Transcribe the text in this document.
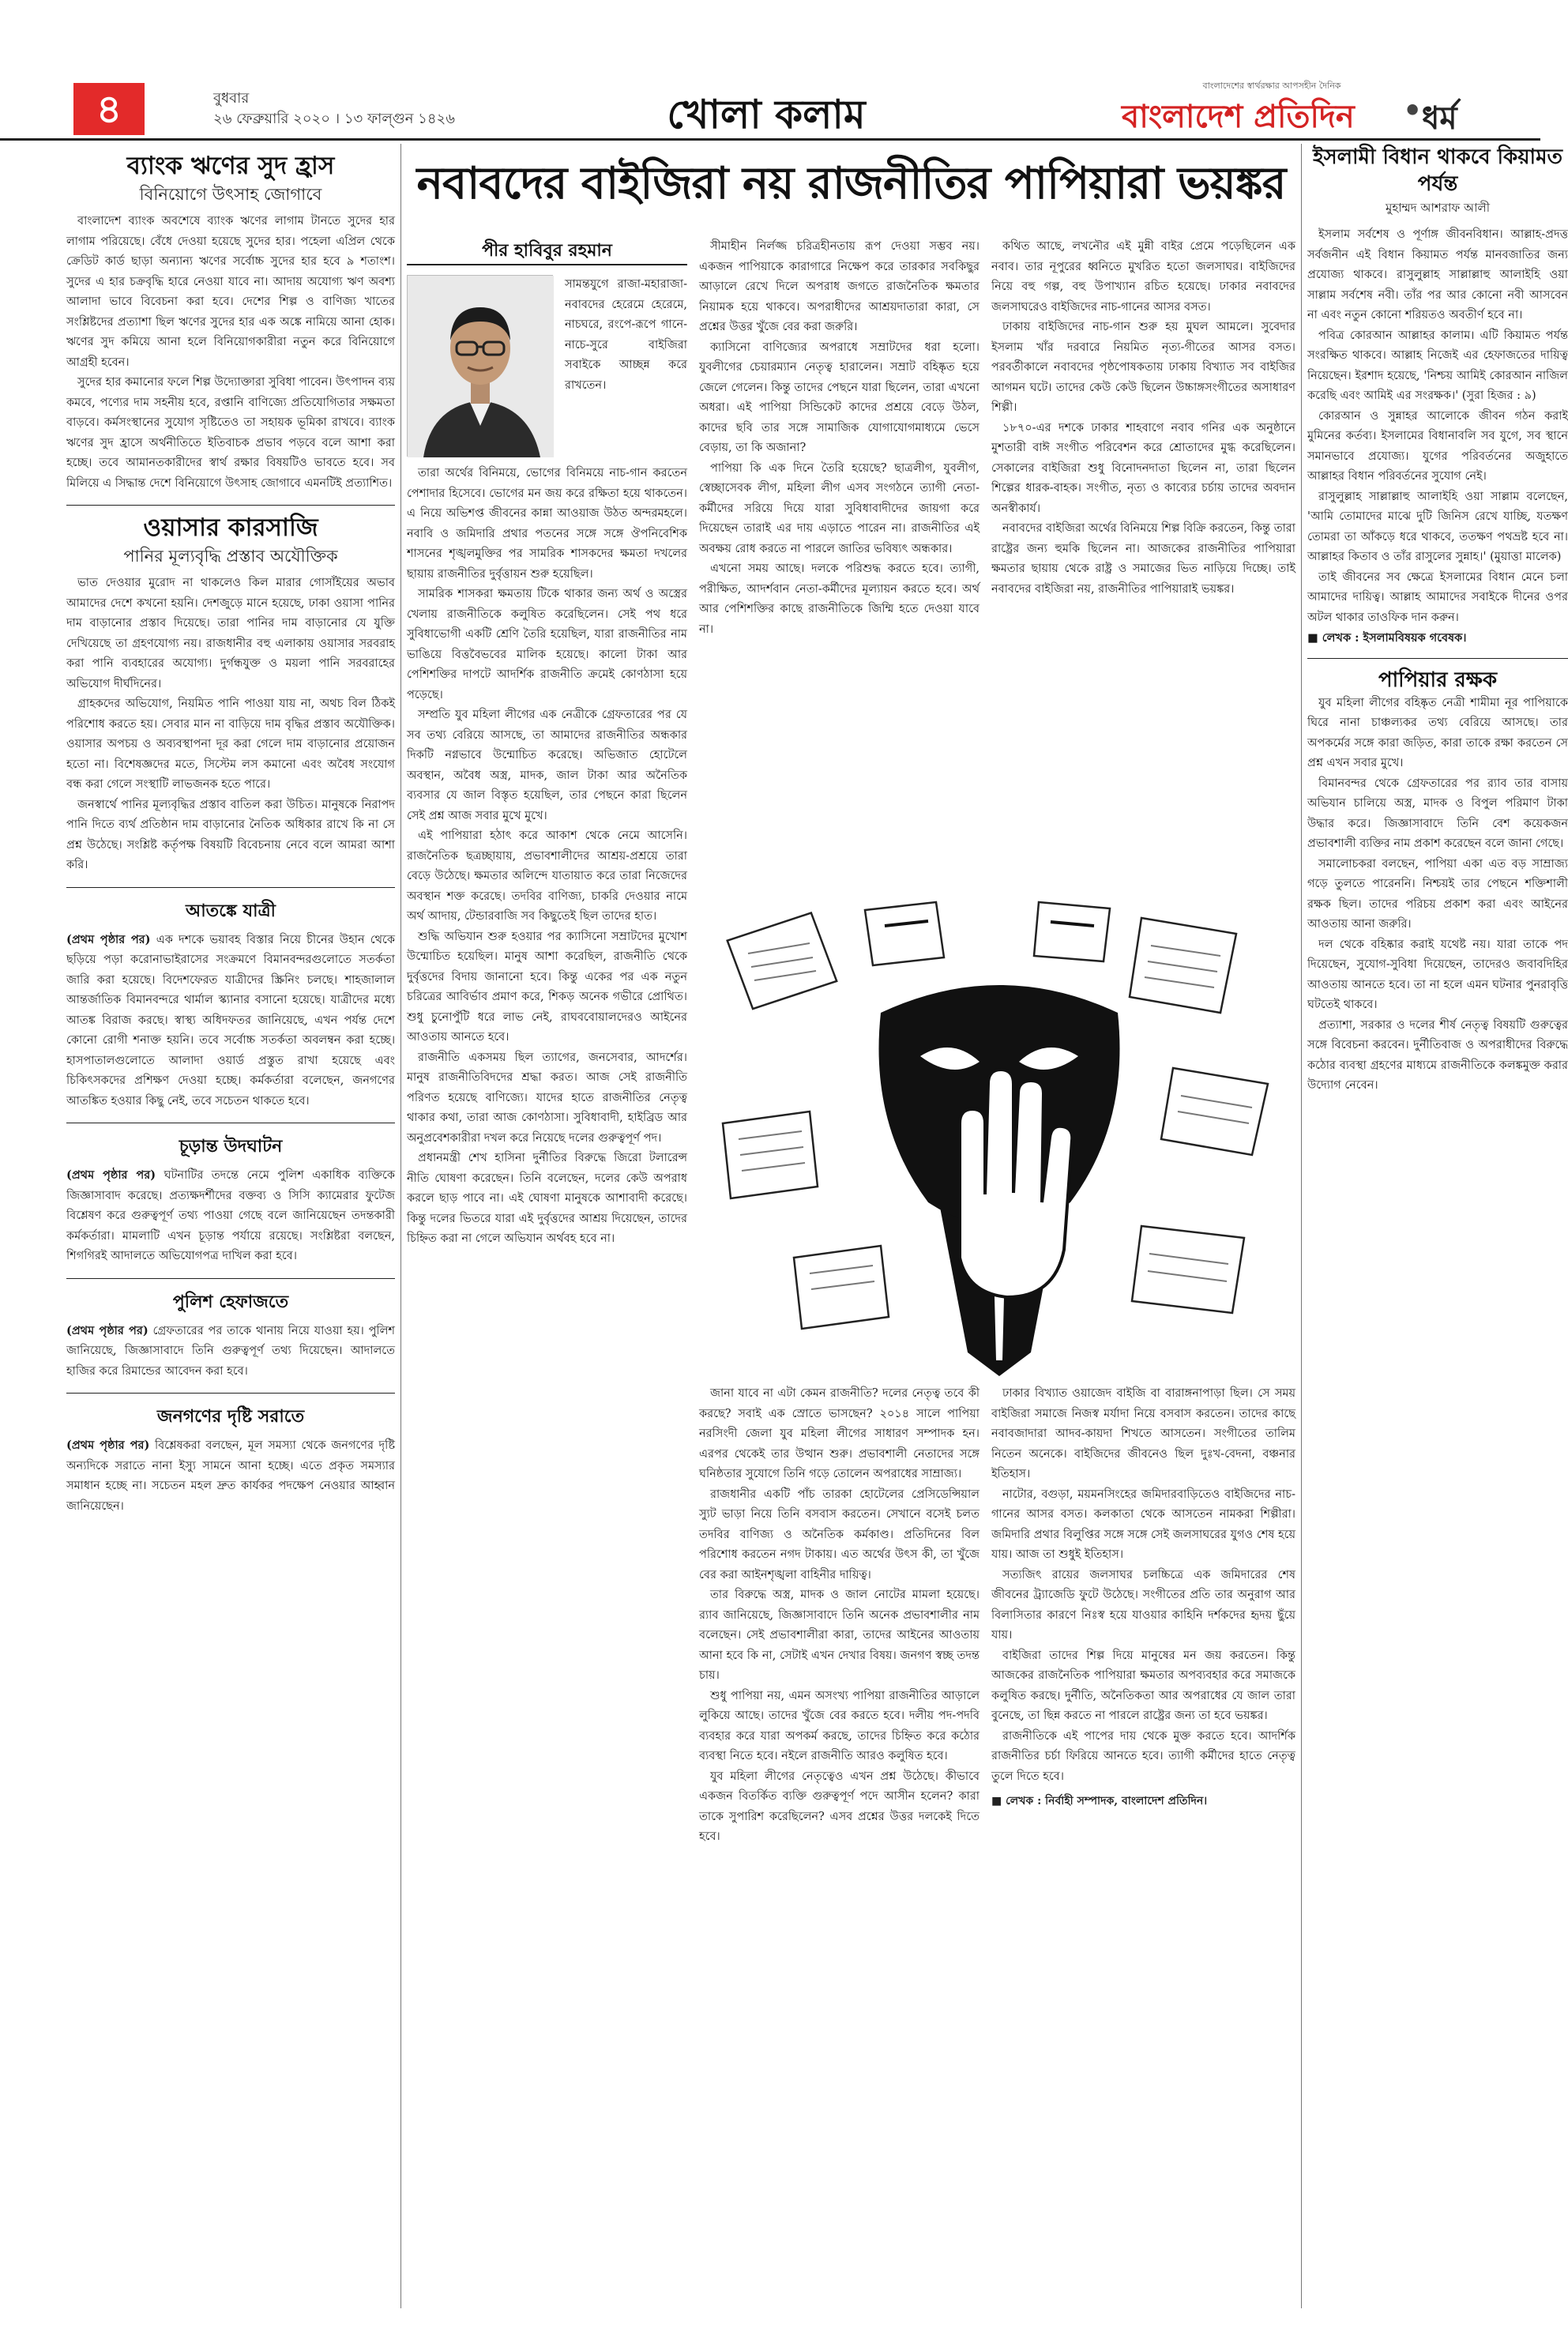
৪	বুধবার
২৬ ফেব্রুয়ারি ২০২০ । ১৩ ফাল্গুন ১৪২৬	খোলা কলাম
বাংলাদেশের স্বার্থরক্ষার আপসহীন দৈনিক
বাংলাদেশ প্রতিদিন • ধর্ম
ব্যাংক ঋণের সুদ হ্রাস
বিনিয়োগে উৎসাহ জোগাবে

বাংলাদেশ ব্যাংক অবশেষে ব্যাংক ঋণের লাগাম টানতে সুদের হার লাগাম পরিয়েছে। বেঁধে দেওয়া হয়েছে সুদের হার। পহেলা এপ্রিল থেকে ক্রেডিট কার্ড ছাড়া অন্যান্য ঋণের সর্বোচ্চ সুদের হার হবে ৯ শতাংশ। সুদের এ হার চক্রবৃদ্ধি হারে নেওয়া যাবে না। আদায় অযোগ্য ঋণ অবশ্য আলাদা ভাবে বিবেচনা করা হবে। দেশের শিল্প ও বাণিজ্য খাতের সংশ্লিষ্টদের প্রত্যাশা ছিল ঋণের সুদের হার এক অঙ্কে নামিয়ে আনা হোক। ঋণের সুদ কমিয়ে আনা হলে বিনিয়োগকারীরা নতুন করে বিনিয়োগে আগ্রহী হবেন।

সুদের হার কমানোর ফলে শিল্প উদ্যোক্তারা সুবিধা পাবেন। উৎপাদন ব্যয় কমবে, পণ্যের দাম সহনীয় হবে, রপ্তানি বাণিজ্যে প্রতিযোগিতার সক্ষমতা বাড়বে। কর্মসংস্থানের সুযোগ সৃষ্টিতেও তা সহায়ক ভূমিকা রাখবে। ব্যাংক ঋণের সুদ হ্রাসে অর্থনীতিতে ইতিবাচক প্রভাব পড়বে বলে আশা করা হচ্ছে। তবে আমানতকারীদের স্বার্থ রক্ষার বিষয়টিও ভাবতে হবে। সব মিলিয়ে এ সিদ্ধান্ত দেশে বিনিয়োগে উৎসাহ জোগাবে এমনটিই প্রত্যাশিত।

ওয়াসার কারসাজি
পানির মূল্যবৃদ্ধি প্রস্তাব অযৌক্তিক

ভাত দেওয়ার মুরোদ না থাকলেও কিল মারার গোসাঁইয়ের অভাব আমাদের দেশে কখনো হয়নি। দেশজুড়ে মানে হয়েছে, ঢাকা ওয়াসা পানির দাম বাড়ানোর প্রস্তাব দিয়েছে। তারা পানির দাম বাড়ানোর যে যুক্তি দেখিয়েছে তা গ্রহণযোগ্য নয়। রাজধানীর বহু এলাকায় ওয়াসার সরবরাহ করা পানি ব্যবহারের অযোগ্য। দুর্গন্ধযুক্ত ও ময়লা পানি সরবরাহের অভিযোগ দীর্ঘদিনের।

গ্রাহকদের অভিযোগ, নিয়মিত পানি পাওয়া যায় না, অথচ বিল ঠিকই পরিশোধ করতে হয়। সেবার মান না বাড়িয়ে দাম বৃদ্ধির প্রস্তাব অযৌক্তিক। ওয়াসার অপচয় ও অব্যবস্থাপনা দূর করা গেলে দাম বাড়ানোর প্রয়োজন হতো না। বিশেষজ্ঞদের মতে, সিস্টেম লস কমানো এবং অবৈধ সংযোগ বন্ধ করা গেলে সংস্থাটি লাভজনক হতে পারে।

জনস্বার্থে পানির মূল্যবৃদ্ধির প্রস্তাব বাতিল করা উচিত। মানুষকে নিরাপদ পানি দিতে ব্যর্থ প্রতিষ্ঠান দাম বাড়ানোর নৈতিক অধিকার রাখে কি না সে প্রশ্ন উঠেছে। সংশ্লিষ্ট কর্তৃপক্ষ বিষয়টি বিবেচনায় নেবে বলে আমরা আশা করি।

আতঙ্কে যাত্রী
(প্রথম পৃষ্ঠার পর) এক দশকে ভয়াবহ বিস্তার নিয়ে চীনের উহান থেকে ছড়িয়ে পড়া করোনাভাইরাসের সংক্রমণে বিমানবন্দরগুলোতে সতর্কতা জারি করা হয়েছে। বিদেশফেরত যাত্রীদের স্ক্রিনিং চলছে। শাহজালাল আন্তর্জাতিক বিমানবন্দরে থার্মাল স্ক্যানার বসানো হয়েছে। যাত্রীদের মধ্যে আতঙ্ক বিরাজ করছে। স্বাস্থ্য অধিদফতর জানিয়েছে, এখন পর্যন্ত দেশে কোনো রোগী শনাক্ত হয়নি। তবে সর্বোচ্চ সতর্কতা অবলম্বন করা হচ্ছে। হাসপাতালগুলোতে আলাদা ওয়ার্ড প্রস্তুত রাখা হয়েছে এবং চিকিৎসকদের প্রশিক্ষণ দেওয়া হচ্ছে। কর্মকর্তারা বলেছেন, জনগণের আতঙ্কিত হওয়ার কিছু নেই, তবে সচেতন থাকতে হবে।
চূড়ান্ত উদঘাটন
(প্রথম পৃষ্ঠার পর) ঘটনাটির তদন্তে নেমে পুলিশ একাধিক ব্যক্তিকে জিজ্ঞাসাবাদ করেছে। প্রত্যক্ষদর্শীদের বক্তব্য ও সিসি ক্যামেরার ফুটেজ বিশ্লেষণ করে গুরুত্বপূর্ণ তথ্য পাওয়া গেছে বলে জানিয়েছেন তদন্তকারী কর্মকর্তারা। মামলাটি এখন চূড়ান্ত পর্যায়ে রয়েছে। সংশ্লিষ্টরা বলছেন, শিগগিরই আদালতে অভিযোগপত্র দাখিল করা হবে।
পুলিশ হেফাজতে
(প্রথম পৃষ্ঠার পর) গ্রেফতারের পর তাকে থানায় নিয়ে যাওয়া হয়। পুলিশ জানিয়েছে, জিজ্ঞাসাবাদে তিনি গুরুত্বপূর্ণ তথ্য দিয়েছেন। আদালতে হাজির করে রিমান্ডের আবেদন করা হবে।
জনগণের দৃষ্টি সরাতে
(প্রথম পৃষ্ঠার পর) বিশ্লেষকরা বলছেন, মূল সমস্যা থেকে জনগণের দৃষ্টি অন্যদিকে সরাতে নানা ইস্যু সামনে আনা হচ্ছে। এতে প্রকৃত সমস্যার সমাধান হচ্ছে না। সচেতন মহল দ্রুত কার্যকর পদক্ষেপ নেওয়ার আহ্বান জানিয়েছেন।
নবাবদের বাইজিরা নয় রাজনীতির পাপিয়ারা ভয়ঙ্কর
পীর হাবিবুর রহমান
সামন্তযুগে রাজা-মহারাজা-নবাবদের হেরেমে হেরেমে, নাচঘরে, রংপে-রূপে গানে-নাচে-সুরে বাইজিরা সবাইকে আচ্ছন্ন করে রাখতেন।

তারা অর্থের বিনিময়ে, ভোগের বিনিময়ে নাচ-গান করতেন পেশাদার হিসেবে। ভোগের মন জয় করে রক্ষিতা হয়ে থাকতেন। এ নিয়ে অভিশপ্ত জীবনের কান্না আওয়াজ উঠত অন্দরমহলে। নবাবি ও জমিদারি প্রথার পতনের সঙ্গে সঙ্গে ঔপনিবেশিক শাসনের শৃঙ্খলমুক্তির পর সামরিক শাসকদের ক্ষমতা দখলের ছায়ায় রাজনীতির দুর্বৃত্তায়ন শুরু হয়েছিল।

সামরিক শাসকরা ক্ষমতায় টিকে থাকার জন্য অর্থ ও অস্ত্রের খেলায় রাজনীতিকে কলুষিত করেছিলেন। সেই পথ ধরে সুবিধাভোগী একটি শ্রেণি তৈরি হয়েছিল, যারা রাজনীতির নাম ভাঙিয়ে বিত্তবৈভবের মালিক হয়েছে। কালো টাকা আর পেশিশক্তির দাপটে আদর্শিক রাজনীতি ক্রমেই কোণঠাসা হয়ে পড়েছে।

সম্প্রতি যুব মহিলা লীগের এক নেত্রীকে গ্রেফতারের পর যে সব তথ্য বেরিয়ে আসছে, তা আমাদের রাজনীতির অন্ধকার দিকটি নগ্নভাবে উন্মোচিত করেছে। অভিজাত হোটেলে অবস্থান, অবৈধ অস্ত্র, মাদক, জাল টাকা আর অনৈতিক ব্যবসার যে জাল বিস্তৃত হয়েছিল, তার পেছনে কারা ছিলেন সেই প্রশ্ন আজ সবার মুখে মুখে।

এই পাপিয়ারা হঠাৎ করে আকাশ থেকে নেমে আসেনি। রাজনৈতিক ছত্রচ্ছায়ায়, প্রভাবশালীদের আশ্রয়-প্রশ্রয়ে তারা বেড়ে উঠেছে। ক্ষমতার অলিন্দে যাতায়াত করে তারা নিজেদের অবস্থান শক্ত করেছে। তদবির বাণিজ্য, চাকরি দেওয়ার নামে অর্থ আদায়, টেন্ডারবাজি সব কিছুতেই ছিল তাদের হাত।

শুদ্ধি অভিযান শুরু হওয়ার পর ক্যাসিনো সম্রাটদের মুখোশ উন্মোচিত হয়েছিল। মানুষ আশা করেছিল, রাজনীতি থেকে দুর্বৃত্তদের বিদায় জানানো হবে। কিন্তু একের পর এক নতুন চরিত্রের আবির্ভাব প্রমাণ করে, শিকড় অনেক গভীরে প্রোথিত। শুধু চুনোপুঁটি ধরে লাভ নেই, রাঘববোয়ালদেরও আইনের আওতায় আনতে হবে।

রাজনীতি একসময় ছিল ত্যাগের, জনসেবার, আদর্শের। মানুষ রাজনীতিবিদদের শ্রদ্ধা করত। আজ সেই রাজনীতি পরিণত হয়েছে বাণিজ্যে। যাদের হাতে রাজনীতির নেতৃত্ব থাকার কথা, তারা আজ কোণঠাসা। সুবিধাবাদী, হাইব্রিড আর অনুপ্রবেশকারীরা দখল করে নিয়েছে দলের গুরুত্বপূর্ণ পদ।

প্রধানমন্ত্রী শেখ হাসিনা দুর্নীতির বিরুদ্ধে জিরো টলারেন্স নীতি ঘোষণা করেছেন। তিনি বলেছেন, দলের কেউ অপরাধ করলে ছাড় পাবে না। এই ঘোষণা মানুষকে আশাবাদী করেছে। কিন্তু দলের ভিতরে যারা এই দুর্বৃত্তদের আশ্রয় দিয়েছেন, তাদের চিহ্নিত করা না গেলে অভিযান অর্থবহ হবে না।

সীমাহীন নির্লজ্জ চরিত্রহীনতায় রূপ দেওয়া সম্ভব নয়। একজন পাপিয়াকে কারাগারে নিক্ষেপ করে তারকার সবকিছুর আড়ালে রেখে দিলে অপরাধ জগতে রাজনৈতিক ক্ষমতার নিয়ামক হয়ে থাকবে। অপরাধীদের আশ্রয়দাতারা কারা, সে প্রশ্নের উত্তর খুঁজে বের করা জরুরি।

ক্যাসিনো বাণিজ্যের অপরাধে সম্রাটদের ধরা হলো। যুবলীগের চেয়ারম্যান নেতৃত্ব হারালেন। সম্রাট বহিষ্কৃত হয়ে জেলে গেলেন। কিন্তু তাদের পেছনে যারা ছিলেন, তারা এখনো অধরা। এই পাপিয়া সিন্ডিকেট কাদের প্রশ্রয়ে বেড়ে উঠল, কাদের ছবি তার সঙ্গে সামাজিক যোগাযোগমাধ্যমে ভেসে বেড়ায়, তা কি অজানা?

পাপিয়া কি এক দিনে তৈরি হয়েছে? ছাত্রলীগ, যুবলীগ, স্বেচ্ছাসেবক লীগ, মহিলা লীগ এসব সংগঠনে ত্যাগী নেতা-কর্মীদের সরিয়ে দিয়ে যারা সুবিধাবাদীদের জায়গা করে দিয়েছেন তারাই এর দায় এড়াতে পারেন না। রাজনীতির এই অবক্ষয় রোধ করতে না পারলে জাতির ভবিষ্যৎ অন্ধকার।

এখনো সময় আছে। দলকে পরিশুদ্ধ করতে হবে। ত্যাগী, পরীক্ষিত, আদর্শবান নেতা-কর্মীদের মূল্যায়ন করতে হবে। অর্থ আর পেশিশক্তির কাছে রাজনীতিকে জিম্মি হতে দেওয়া যাবে না।

কথিত আছে, লখনৌর এই মুন্নী বাইর প্রেমে পড়েছিলেন এক নবাব। তার নূপুরের ধ্বনিতে মুখরিত হতো জলসাঘর। বাইজিদের নিয়ে বহু গল্প, বহু উপাখ্যান রচিত হয়েছে। ঢাকার নবাবদের জলসাঘরেও বাইজিদের নাচ-গানের আসর বসত।

ঢাকায় বাইজিদের নাচ-গান শুরু হয় মুঘল আমলে। সুবেদার ইসলাম খাঁর দরবারে নিয়মিত নৃত্য-গীতের আসর বসত। পরবর্তীকালে নবাবদের পৃষ্ঠপোষকতায় ঢাকায় বিখ্যাত সব বাইজির আগমন ঘটে। তাদের কেউ কেউ ছিলেন উচ্চাঙ্গসংগীতের অসাধারণ শিল্পী।

১৮৭০-এর দশকে ঢাকার শাহবাগে নবাব গনির এক অনুষ্ঠানে মুশতারী বাঈ সংগীত পরিবেশন করে শ্রোতাদের মুগ্ধ করেছিলেন। সেকালের বাইজিরা শুধু বিনোদনদাতা ছিলেন না, তারা ছিলেন শিল্পের ধারক-বাহক। সংগীত, নৃত্য ও কাব্যের চর্চায় তাদের অবদান অনস্বীকার্য।

নবাবদের বাইজিরা অর্থের বিনিময়ে শিল্প বিক্রি করতেন, কিন্তু তারা রাষ্ট্রের জন্য হুমকি ছিলেন না। আজকের রাজনীতির পাপিয়ারা ক্ষমতার ছায়ায় থেকে রাষ্ট্র ও সমাজের ভিত নাড়িয়ে দিচ্ছে। তাই নবাবদের বাইজিরা নয়, রাজনীতির পাপিয়ারাই ভয়ঙ্কর।

জানা যাবে না এটা কেমন রাজনীতি? দলের নেতৃত্ব তবে কী করছে? সবাই এক স্রোতে ভাসছেন? ২০১৪ সালে পাপিয়া নরসিংদী জেলা যুব মহিলা লীগের সাধারণ সম্পাদক হন। এরপর থেকেই তার উত্থান শুরু। প্রভাবশালী নেতাদের সঙ্গে ঘনিষ্ঠতার সুযোগে তিনি গড়ে তোলেন অপরাধের সাম্রাজ্য।

রাজধানীর একটি পাঁচ তারকা হোটেলের প্রেসিডেন্সিয়াল স্যুট ভাড়া নিয়ে তিনি বসবাস করতেন। সেখানে বসেই চলত তদবির বাণিজ্য ও অনৈতিক কর্মকাণ্ড। প্রতিদিনের বিল পরিশোধ করতেন নগদ টাকায়। এত অর্থের উৎস কী, তা খুঁজে বের করা আইনশৃঙ্খলা বাহিনীর দায়িত্ব।

তার বিরুদ্ধে অস্ত্র, মাদক ও জাল নোটের মামলা হয়েছে। র‌্যাব জানিয়েছে, জিজ্ঞাসাবাদে তিনি অনেক প্রভাবশালীর নাম বলেছেন। সেই প্রভাবশালীরা কারা, তাদের আইনের আওতায় আনা হবে কি না, সেটাই এখন দেখার বিষয়। জনগণ স্বচ্ছ তদন্ত চায়।

শুধু পাপিয়া নয়, এমন অসংখ্য পাপিয়া রাজনীতির আড়ালে লুকিয়ে আছে। তাদের খুঁজে বের করতে হবে। দলীয় পদ-পদবি ব্যবহার করে যারা অপকর্ম করছে, তাদের চিহ্নিত করে কঠোর ব্যবস্থা নিতে হবে। নইলে রাজনীতি আরও কলুষিত হবে।

যুব মহিলা লীগের নেতৃত্বেও এখন প্রশ্ন উঠেছে। কীভাবে একজন বিতর্কিত ব্যক্তি গুরুত্বপূর্ণ পদে আসীন হলেন? কারা তাকে সুপারিশ করেছিলেন? এসব প্রশ্নের উত্তর দলকেই দিতে হবে।

ঢাকার বিখ্যাত ওয়াজেদ বাইজি বা বারাঙ্গনাপাড়া ছিল। সে সময় বাইজিরা সমাজে নিজস্ব মর্যাদা নিয়ে বসবাস করতেন। তাদের কাছে নবাবজাদারা আদব-কায়দা শিখতে আসতেন। সংগীতের তালিম নিতেন অনেকে। বাইজিদের জীবনেও ছিল দুঃখ-বেদনা, বঞ্চনার ইতিহাস।

নাটোর, বগুড়া, ময়মনসিংহের জমিদারবাড়িতেও বাইজিদের নাচ-গানের আসর বসত। কলকাতা থেকে আসতেন নামকরা শিল্পীরা। জমিদারি প্রথার বিলুপ্তির সঙ্গে সঙ্গে সেই জলসাঘরের যুগও শেষ হয়ে যায়। আজ তা শুধুই ইতিহাস।

সত্যজিৎ রায়ের জলসাঘর চলচ্চিত্রে এক জমিদারের শেষ জীবনের ট্র্যাজেডি ফুটে উঠেছে। সংগীতের প্রতি তার অনুরাগ আর বিলাসিতার কারণে নিঃস্ব হয়ে যাওয়ার কাহিনি দর্শকদের হৃদয় ছুঁয়ে যায়।

বাইজিরা তাদের শিল্প দিয়ে মানুষের মন জয় করতেন। কিন্তু আজকের রাজনৈতিক পাপিয়ারা ক্ষমতার অপব্যবহার করে সমাজকে কলুষিত করছে। দুর্নীতি, অনৈতিকতা আর অপরাধের যে জাল তারা বুনেছে, তা ছিন্ন করতে না পারলে রাষ্ট্রের জন্য তা হবে ভয়ঙ্কর।

রাজনীতিকে এই পাপের দায় থেকে মুক্ত করতে হবে। আদর্শিক রাজনীতির চর্চা ফিরিয়ে আনতে হবে। ত্যাগী কর্মীদের হাতে নেতৃত্ব তুলে দিতে হবে।

■ লেখক : নির্বাহী সম্পাদক, বাংলাদেশ প্রতিদিন।
ইসলামী বিধান থাকবে কিয়ামত পর্যন্ত
মুহাম্মদ আশরাফ আলী

ইসলাম সর্বশেষ ও পূর্ণাঙ্গ জীবনবিধান। আল্লাহ-প্রদত্ত সর্বজনীন এই বিধান কিয়ামত পর্যন্ত মানবজাতির জন্য প্রযোজ্য থাকবে। রাসুলুল্লাহ সাল্লাল্লাহু আলাইহি ওয়া সাল্লাম সর্বশেষ নবী। তাঁর পর আর কোনো নবী আসবেন না এবং নতুন কোনো শরিয়তও অবতীর্ণ হবে না।

পবিত্র কোরআন আল্লাহর কালাম। এটি কিয়ামত পর্যন্ত সংরক্ষিত থাকবে। আল্লাহ নিজেই এর হেফাজতের দায়িত্ব নিয়েছেন। ইরশাদ হয়েছে, 'নিশ্চয় আমিই কোরআন নাজিল করেছি এবং আমিই এর সংরক্ষক।' (সুরা হিজর : ৯)

কোরআন ও সুন্নাহর আলোকে জীবন গঠন করাই মুমিনের কর্তব্য। ইসলামের বিধানাবলি সব যুগে, সব স্থানে সমানভাবে প্রযোজ্য। যুগের পরিবর্তনের অজুহাতে আল্লাহর বিধান পরিবর্তনের সুযোগ নেই।

রাসুলুল্লাহ সাল্লাল্লাহু আলাইহি ওয়া সাল্লাম বলেছেন, 'আমি তোমাদের মাঝে দুটি জিনিস রেখে যাচ্ছি, যতক্ষণ তোমরা তা আঁকড়ে ধরে থাকবে, ততক্ষণ পথভ্রষ্ট হবে না। আল্লাহর কিতাব ও তাঁর রাসুলের সুন্নাহ।' (মুয়াত্তা মালেক)

তাই জীবনের সব ক্ষেত্রে ইসলামের বিধান মেনে চলা আমাদের দায়িত্ব। আল্লাহ আমাদের সবাইকে দীনের ওপর অটল থাকার তাওফিক দান করুন।

■ লেখক : ইসলামবিষয়ক গবেষক।
পাপিয়ার রক্ষক

যুব মহিলা লীগের বহিষ্কৃত নেত্রী শামীমা নূর পাপিয়াকে ঘিরে নানা চাঞ্চল্যকর তথ্য বেরিয়ে আসছে। তার অপকর্মের সঙ্গে কারা জড়িত, কারা তাকে রক্ষা করতেন সে প্রশ্ন এখন সবার মুখে।

বিমানবন্দর থেকে গ্রেফতারের পর র‌্যাব তার বাসায় অভিযান চালিয়ে অস্ত্র, মাদক ও বিপুল পরিমাণ টাকা উদ্ধার করে। জিজ্ঞাসাবাদে তিনি বেশ কয়েকজন প্রভাবশালী ব্যক্তির নাম প্রকাশ করেছেন বলে জানা গেছে।

সমালোচকরা বলছেন, পাপিয়া একা এত বড় সাম্রাজ্য গড়ে তুলতে পারেননি। নিশ্চয়ই তার পেছনে শক্তিশালী রক্ষক ছিল। তাদের পরিচয় প্রকাশ করা এবং আইনের আওতায় আনা জরুরি।

দল থেকে বহিষ্কার করাই যথেষ্ট নয়। যারা তাকে পদ দিয়েছেন, সুযোগ-সুবিধা দিয়েছেন, তাদেরও জবাবদিহির আওতায় আনতে হবে। তা না হলে এমন ঘটনার পুনরাবৃত্তি ঘটতেই থাকবে।

প্রত্যাশা, সরকার ও দলের শীর্ষ নেতৃত্ব বিষয়টি গুরুত্বের সঙ্গে বিবেচনা করবেন। দুর্নীতিবাজ ও অপরাধীদের বিরুদ্ধে কঠোর ব্যবস্থা গ্রহণের মাধ্যমে রাজনীতিকে কলঙ্কমুক্ত করার উদ্যোগ নেবেন।
